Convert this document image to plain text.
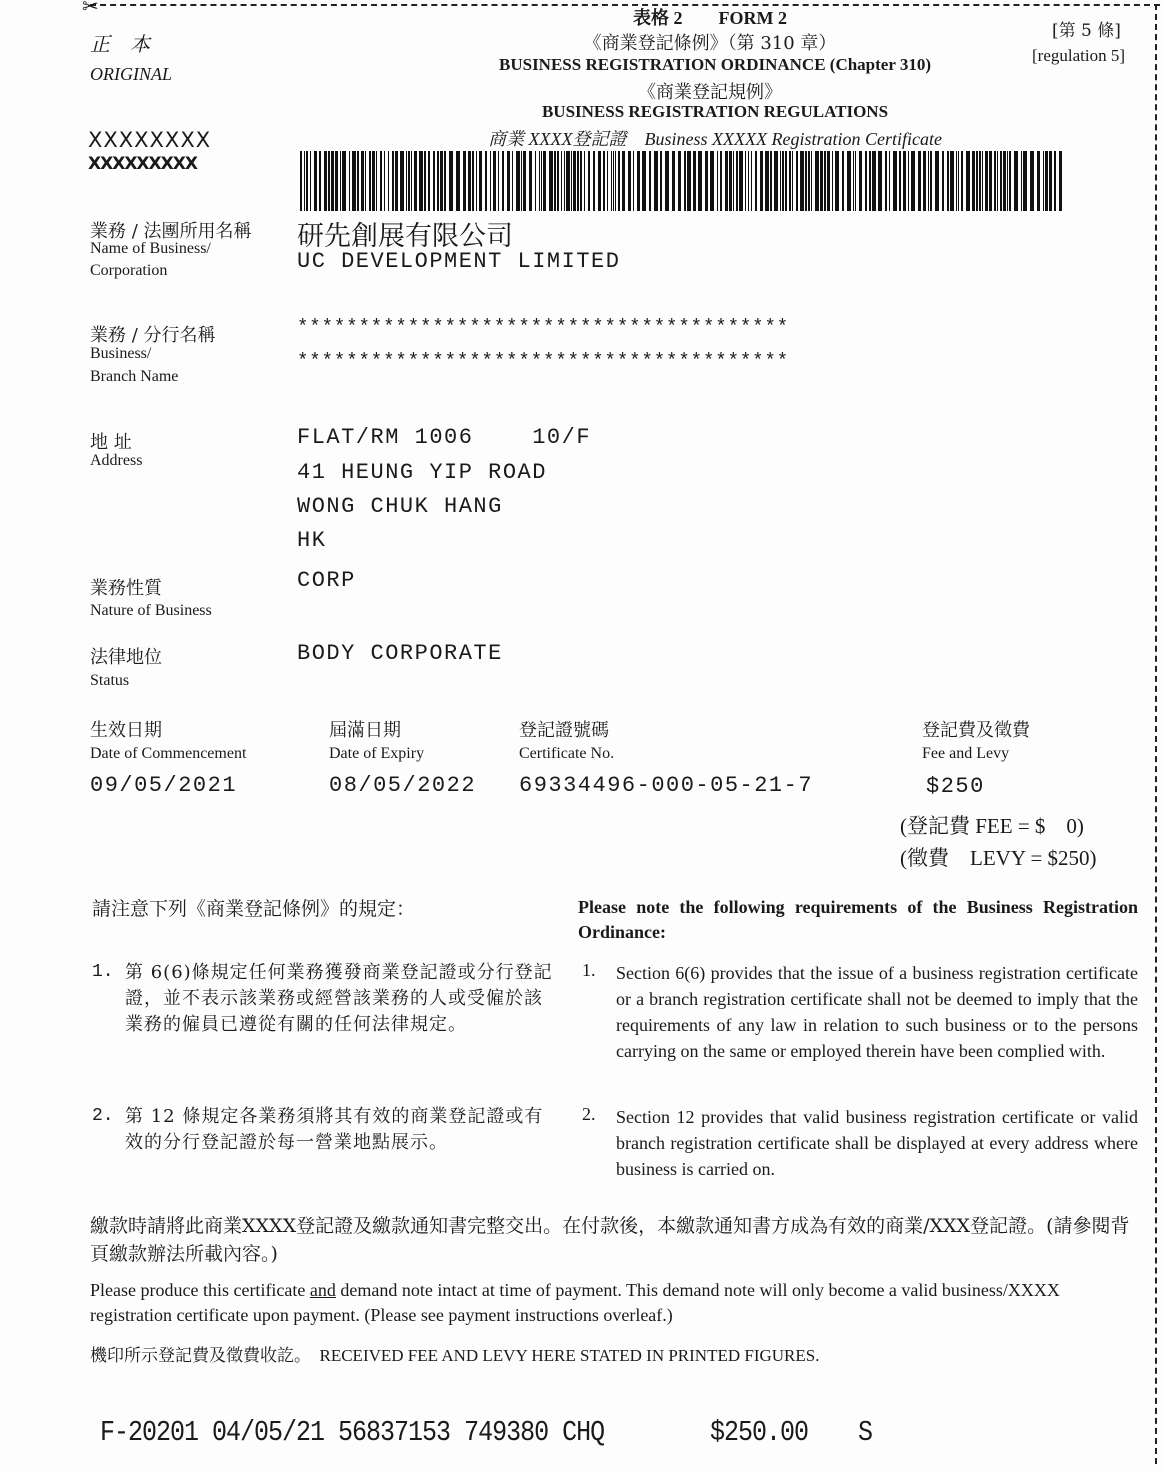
✂
正　本
ORIGINAL
XXXXXXXX
XXXXXXXXX
表格 2　　FORM 2
《商業登記條例》（第 310 章）
BUSINESS REGISTRATION ORDINANCE (Chapter 310)
《商業登記規例》
BUSINESS REGISTRATION REGULATIONS
商業 XXXX登記證　Business XXXXX Registration Certificate
[第 5 條]
[regulation 5]
業務 / 法團所用名稱
Name of Business/
Corporation
研先創展有限公司
UC DEVELOPMENT LIMITED
業務 / 分行名稱
Business/
Branch Name
****************************************
****************************************
地 址
Address
FLAT/RM 1006    10/F
41 HEUNG YIP ROAD
WONG CHUK HANG
HK
業務性質
Nature of Business
CORP
法律地位
Status
BODY CORPORATE
生效日期
Date of Commencement
09/05/2021
屆滿日期
Date of Expiry
08/05/2022
登記證號碼
Certificate No.
69334496-000-05-21-7
登記費及徵費
Fee and Levy
$250
(登記費 FEE = $　0)
(徵費　LEVY = $250)
請注意下列《商業登記條例》的規定：	Please note the following requirements of the Business Registration Ordinance:
1. 第 6(6)條規定任何業務獲發商業登記證或分行登記證，並不表示該業務或經營該業務的人或受僱於該業務的僱員已遵從有關的任何法律規定。
1. Section 6(6) provides that the issue of a business registration certificate or a branch registration certificate shall not be deemed to imply that the requirements of any law in relation to such business or to the persons carrying on the same or employed therein have been complied with.
2. 第 12 條規定各業務須將其有效的商業登記證或有效的分行登記證於每一營業地點展示。
2. Section 12 provides that valid business registration certificate or valid branch registration certificate shall be displayed at every address where business is carried on.
繳款時請將此商業XXXX登記證及繳款通知書完整交出。在付款後，本繳款通知書方成為有效的商業/XXX登記證。(請參閱背頁繳款辦法所載內容。)
Please produce this certificate and demand note intact at time of payment. This demand note will only become a valid business/XXXX registration certificate upon payment. (Please see payment instructions overleaf.)
機印所示登記費及徵費收訖。　RECEIVED FEE AND LEVY HERE STATED IN PRINTED FIGURES.
F-20201 04/05/21 56837153 749380 CHQ	$250.00 S
